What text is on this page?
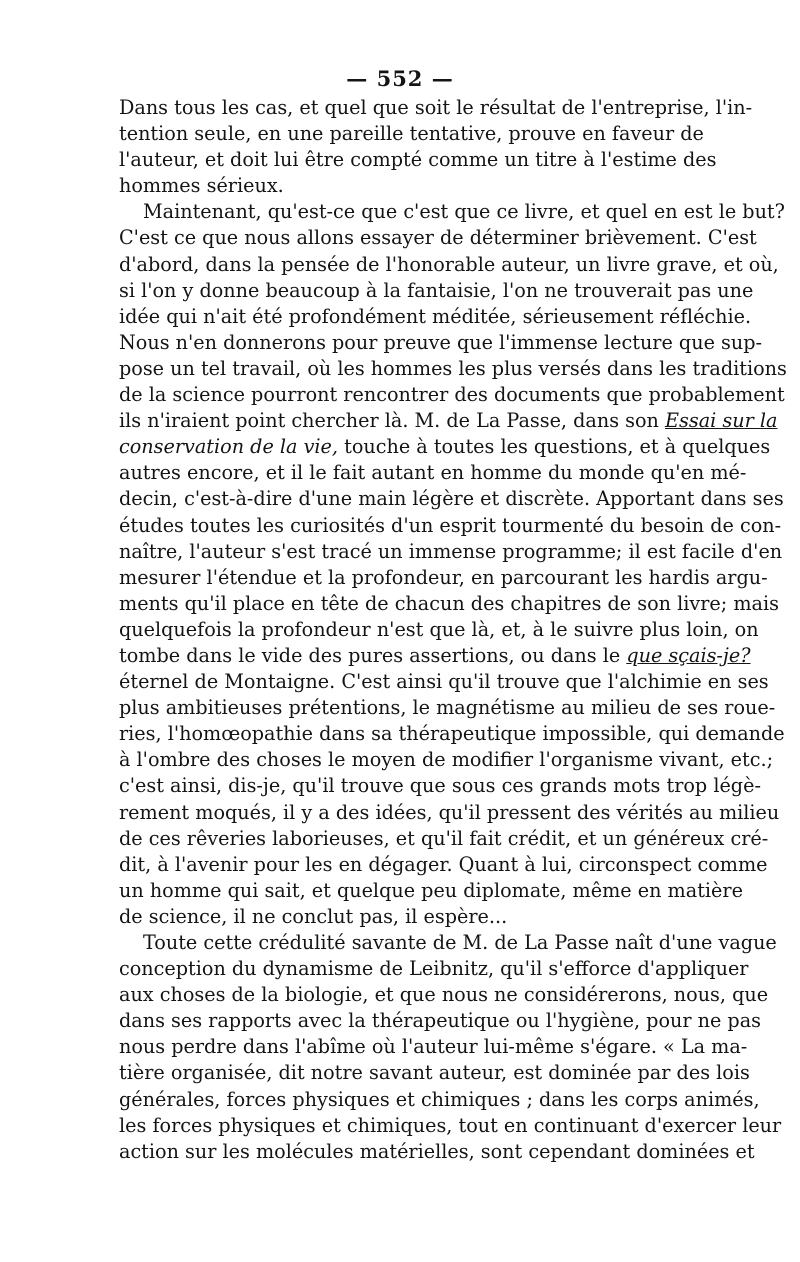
— 552 —
Dans tous les cas, et quel que soit le résultat de l'entreprise, l'in-
tention seule, en une pareille tentative, prouve en faveur de
l'auteur, et doit lui être compté comme un titre à l'estime des
hommes sérieux.
Maintenant, qu'est-ce que c'est que ce livre, et quel en est le but?
C'est ce que nous allons essayer de déterminer brièvement. C'est
d'abord, dans la pensée de l'honorable auteur, un livre grave, et où,
si l'on y donne beaucoup à la fantaisie, l'on ne trouverait pas une
idée qui n'ait été profondément méditée, sérieusement réfléchie.
Nous n'en donnerons pour preuve que l'immense lecture que sup-
pose un tel travail, où les hommes les plus versés dans les traditions
de la science pourront rencontrer des documents que probablement
ils n'iraient point chercher là. M. de La Passe, dans son Essai sur la
conservation de la vie, touche à toutes les questions, et à quelques
autres encore, et il le fait autant en homme du monde qu'en mé-
decin, c'est-à-dire d'une main légère et discrète. Apportant dans ses
études toutes les curiosités d'un esprit tourmenté du besoin de con-
naître, l'auteur s'est tracé un immense programme; il est facile d'en
mesurer l'étendue et la profondeur, en parcourant les hardis argu-
ments qu'il place en tête de chacun des chapitres de son livre; mais
quelquefois la profondeur n'est que là, et, à le suivre plus loin, on
tombe dans le vide des pures assertions, ou dans le que sçais-je?
éternel de Montaigne. C'est ainsi qu'il trouve que l'alchimie en ses
plus ambitieuses prétentions, le magnétisme au milieu de ses roue-
ries, l'homœopathie dans sa thérapeutique impossible, qui demande
à l'ombre des choses le moyen de modifier l'organisme vivant, etc.;
c'est ainsi, dis-je, qu'il trouve que sous ces grands mots trop légè-
rement moqués, il y a des idées, qu'il pressent des vérités au milieu
de ces rêveries laborieuses, et qu'il fait crédit, et un généreux cré-
dit, à l'avenir pour les en dégager. Quant à lui, circonspect comme
un homme qui sait, et quelque peu diplomate, même en matière
de science, il ne conclut pas, il espère...
Toute cette crédulité savante de M. de La Passe naît d'une vague
conception du dynamisme de Leibnitz, qu'il s'efforce d'appliquer
aux choses de la biologie, et que nous ne considérerons, nous, que
dans ses rapports avec la thérapeutique ou l'hygiène, pour ne pas
nous perdre dans l'abîme où l'auteur lui-même s'égare. « La ma-
tière organisée, dit notre savant auteur, est dominée par des lois
générales, forces physiques et chimiques ; dans les corps animés,
les forces physiques et chimiques, tout en continuant d'exercer leur
action sur les molécules matérielles, sont cependant dominées et
